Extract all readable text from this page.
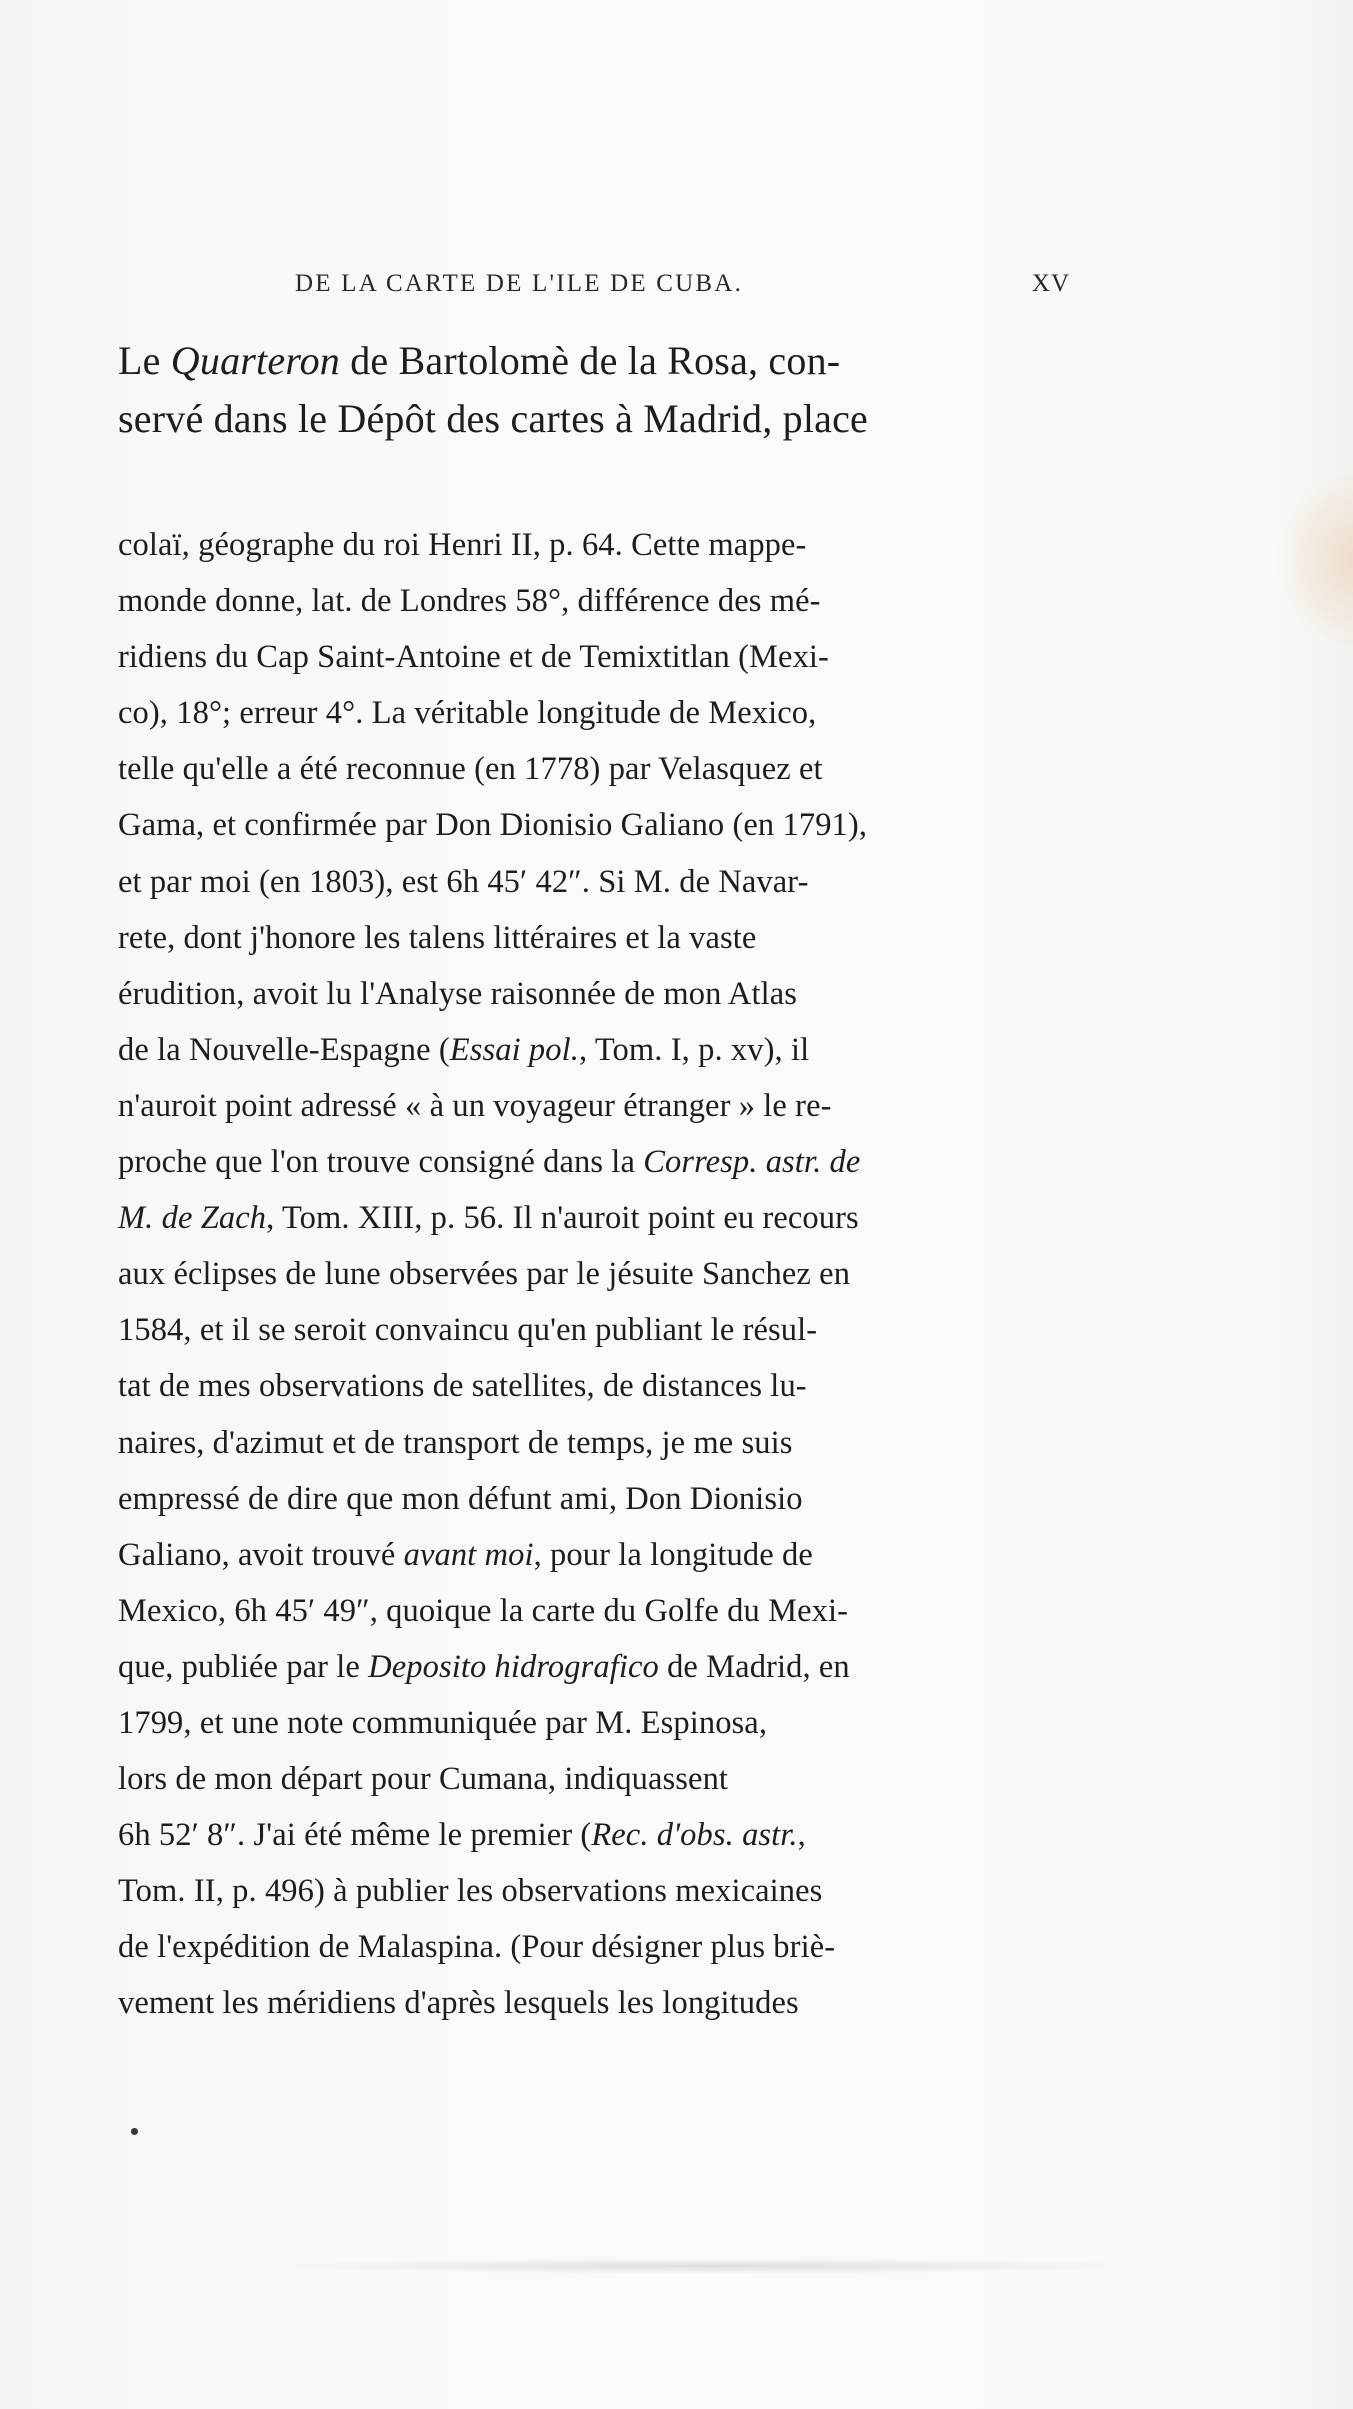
DE LA CARTE DE L'ILE DE CUBA.	XV
Le Quarteron de Bartolomè de la Rosa, con-
servé dans le Dépôt des cartes à Madrid, place
colaï, géographe du roi Henri II, p. 64. Cette mappe-
monde donne, lat. de Londres 58°, différence des mé-
ridiens du Cap Saint-Antoine et de Temixtitlan (Mexi-
co), 18°; erreur 4°. La véritable longitude de Mexico,
telle qu'elle a été reconnue (en 1778) par Velasquez et
Gama, et confirmée par Don Dionisio Galiano (en 1791),
et par moi (en 1803), est 6h 45′ 42″. Si M. de Navar-
rete, dont j'honore les talens littéraires et la vaste
érudition, avoit lu l'Analyse raisonnée de mon Atlas
de la Nouvelle-Espagne (Essai pol., Tom. I, p. xv), il
n'auroit point adressé « à un voyageur étranger » le re-
proche que l'on trouve consigné dans la Corresp. astr. de
M. de Zach, Tom. XIII, p. 56. Il n'auroit point eu recours
aux éclipses de lune observées par le jésuite Sanchez en
1584, et il se seroit convaincu qu'en publiant le résul-
tat de mes observations de satellites, de distances lu-
naires, d'azimut et de transport de temps, je me suis
empressé de dire que mon défunt ami, Don Dionisio
Galiano, avoit trouvé avant moi, pour la longitude de
Mexico, 6h 45′ 49″, quoique la carte du Golfe du Mexi-
que, publiée par le Deposito hidrografico de Madrid, en
1799, et une note communiquée par M. Espinosa,
lors de mon départ pour Cumana, indiquassent
6h 52′ 8″. J'ai été même le premier (Rec. d'obs. astr.,
Tom. II, p. 496) à publier les observations mexicaines
de l'expédition de Malaspina. (Pour désigner plus briè-
vement les méridiens d'après lesquels les longitudes
